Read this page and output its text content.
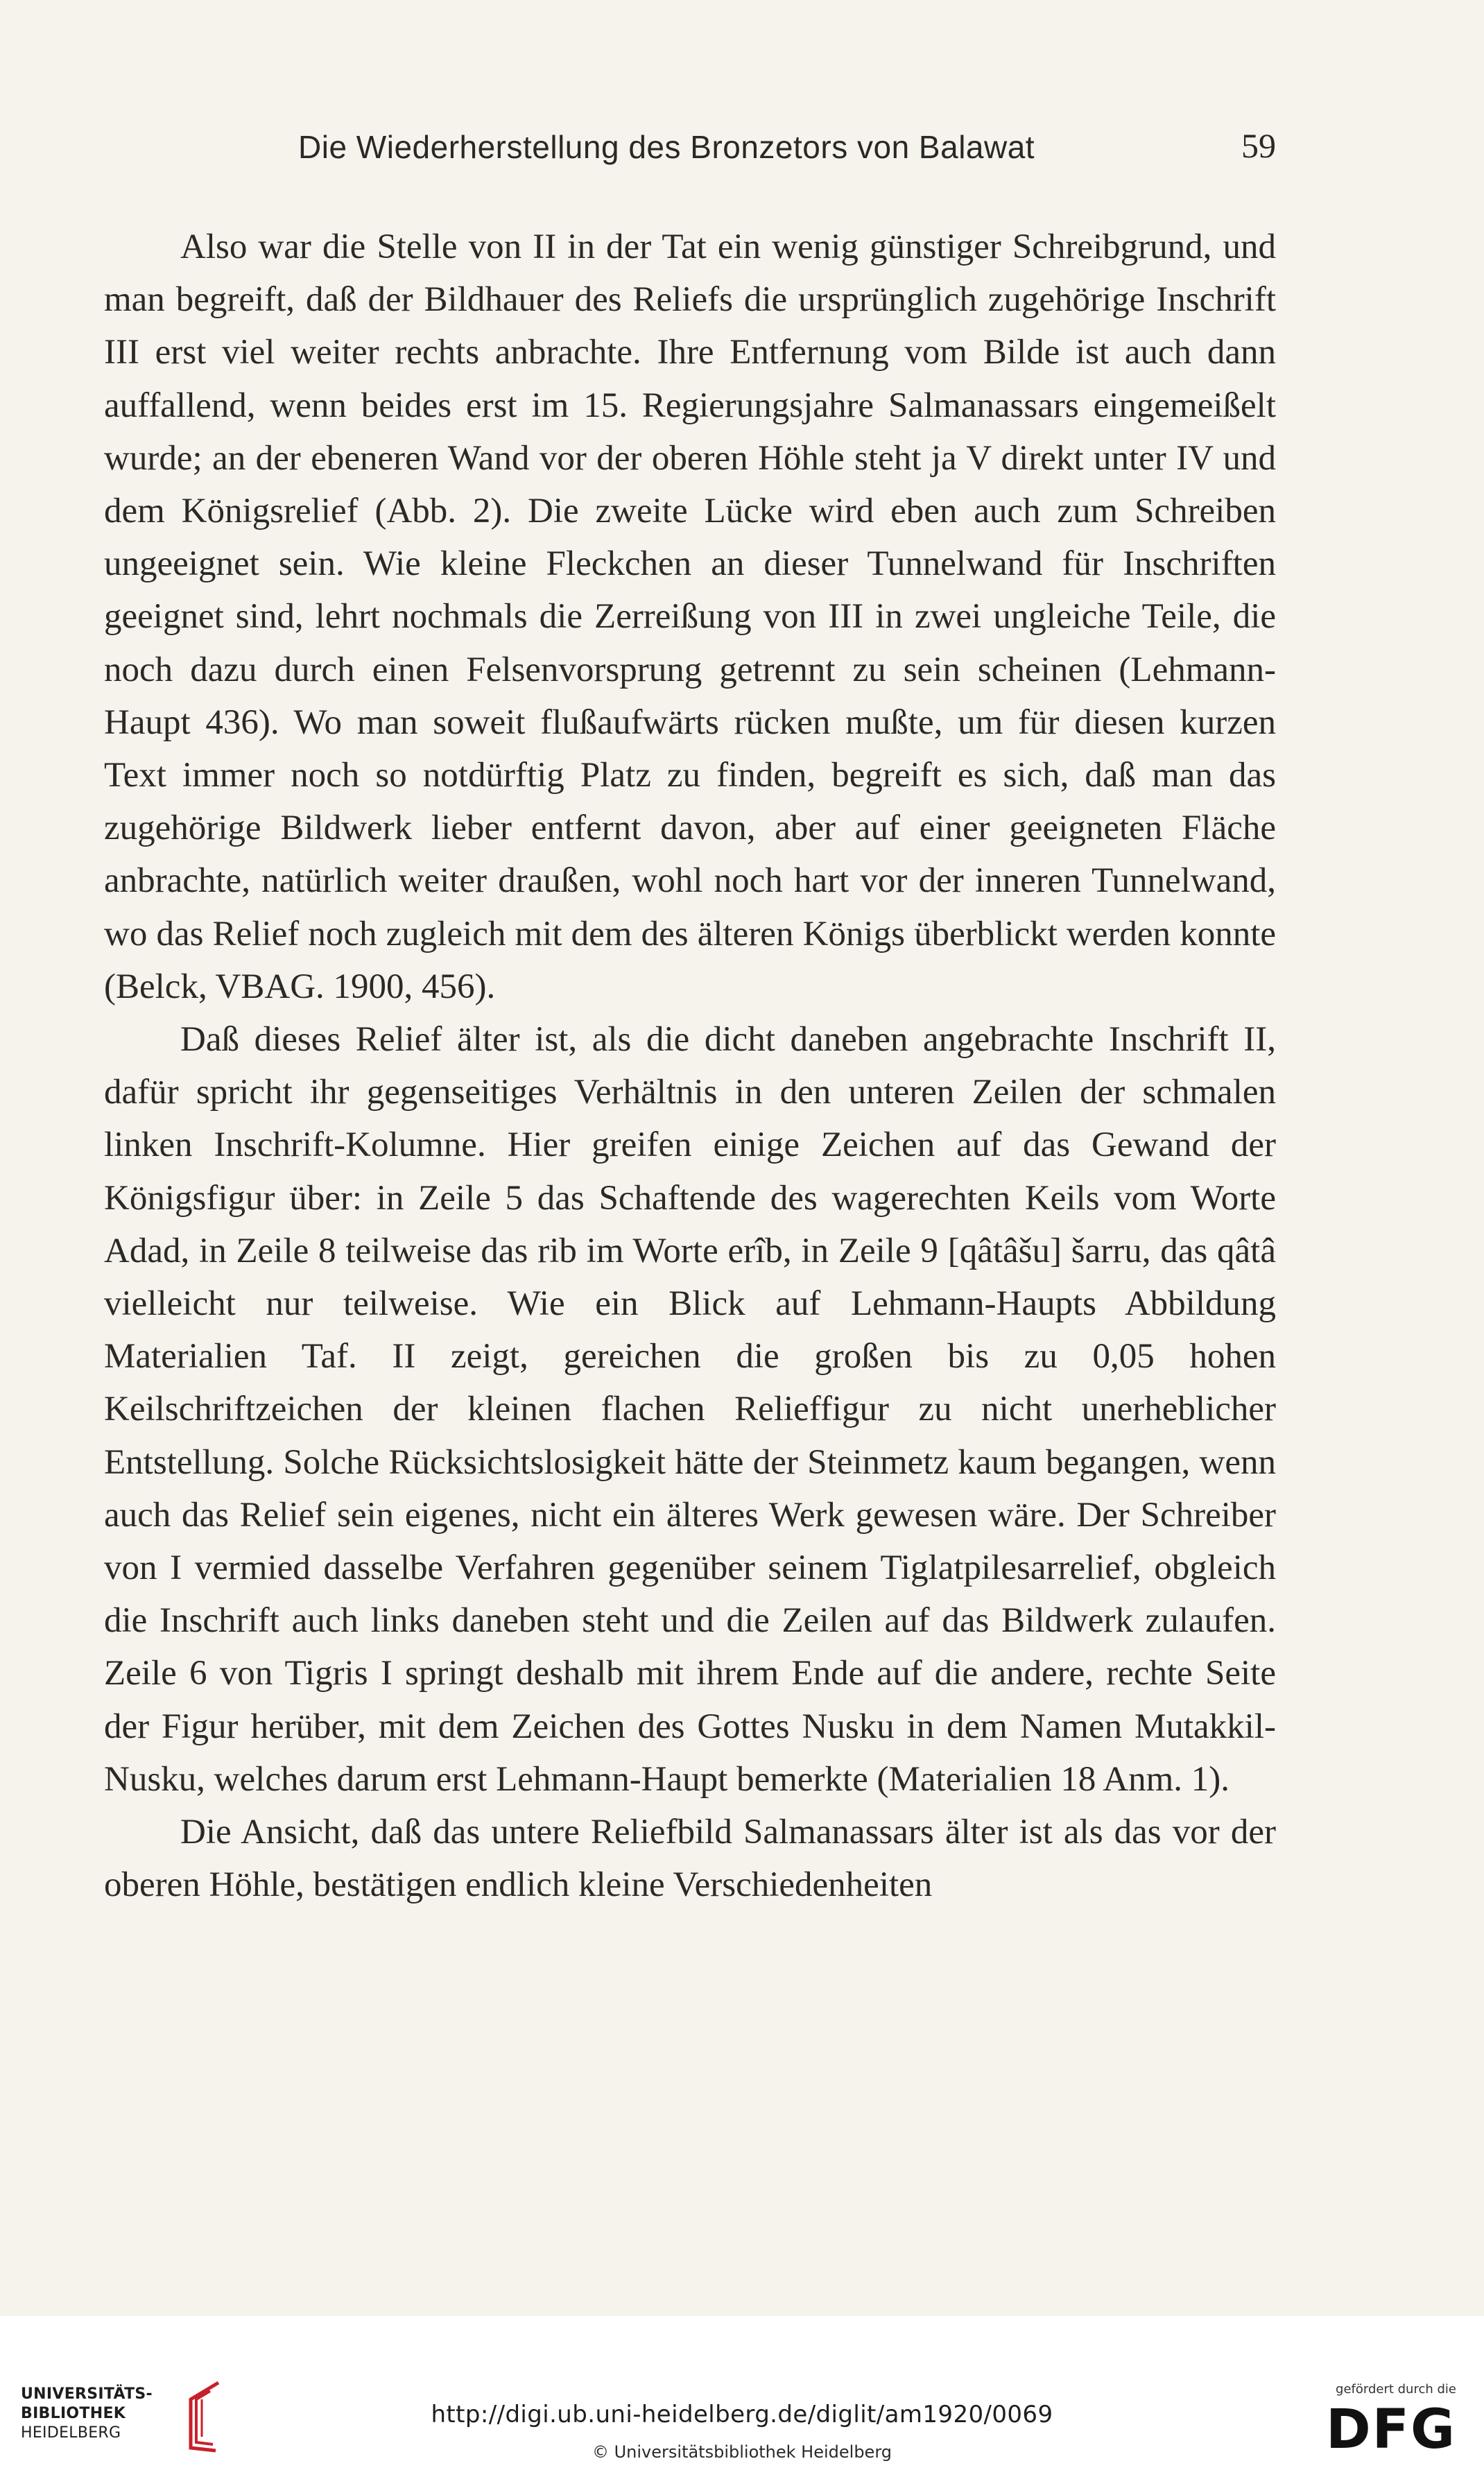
Die Wiederherstellung des Bronzetors von Balawat	59

Also war die Stelle von II in der Tat ein wenig günstiger Schreibgrund, und man begreift, daß der Bildhauer des Reliefs die ursprünglich zugehörige Inschrift III erst viel weiter rechts anbrachte. Ihre Entfernung vom Bilde ist auch dann auffallend, wenn beides erst im 15. Regierungsjahre Salmanassars eingemeißelt wurde; an der ebeneren Wand vor der oberen Höhle steht ja V direkt unter IV und dem Königsrelief (Abb. 2). Die zweite Lücke wird eben auch zum Schreiben ungeeignet sein. Wie kleine Fleckchen an dieser Tunnelwand für Inschriften geeignet sind, lehrt nochmals die Zerreißung von III in zwei ungleiche Teile, die noch dazu durch einen Felsenvorsprung getrennt zu sein scheinen (Lehmann-Haupt 436). Wo man soweit flußaufwärts rücken mußte, um für diesen kurzen Text immer noch so notdürftig Platz zu finden, begreift es sich, daß man das zugehörige Bildwerk lieber entfernt davon, aber auf einer geeigneten Fläche anbrachte, natürlich weiter draußen, wohl noch hart vor der inneren Tunnelwand, wo das Relief noch zugleich mit dem des älteren Königs überblickt werden konnte (Belck, VBAG. 1900, 456).

Daß dieses Relief älter ist, als die dicht daneben angebrachte Inschrift II, dafür spricht ihr gegenseitiges Verhältnis in den unteren Zeilen der schmalen linken Inschrift-Kolumne. Hier greifen einige Zeichen auf das Gewand der Königsfigur über: in Zeile 5 das Schaftende des wagerechten Keils vom Worte Adad, in Zeile 8 teilweise das rib im Worte erîb, in Zeile 9 [qâtâšu] šarru, das qâtâ vielleicht nur teilweise. Wie ein Blick auf Lehmann-Haupts Abbildung Materialien Taf. II zeigt, gereichen die großen bis zu 0,05 hohen Keilschriftzeichen der kleinen flachen Relieffigur zu nicht unerheblicher Entstellung. Solche Rücksichtslosigkeit hätte der Steinmetz kaum begangen, wenn auch das Relief sein eigenes, nicht ein älteres Werk gewesen wäre. Der Schreiber von I vermied dasselbe Verfahren gegenüber seinem Tiglatpilesarrelief, obgleich die Inschrift auch links daneben steht und die Zeilen auf das Bildwerk zulaufen. Zeile 6 von Tigris I springt deshalb mit ihrem Ende auf die andere, rechte Seite der Figur herüber, mit dem Zeichen des Gottes Nusku in dem Namen Mutakkil-Nusku, welches darum erst Lehmann-Haupt bemerkte (Materialien 18 Anm. 1).

Die Ansicht, daß das untere Reliefbild Salmanassars älter ist als das vor der oberen Höhle, bestätigen endlich kleine Verschiedenheiten

UNIVERSITÄTS-
BIBLIOTHEK
HEIDELBERG
http://digi.ub.uni-heidelberg.de/diglit/am1920/0069
© Universitätsbibliothek Heidelberg
gefördert durch die
DFG
